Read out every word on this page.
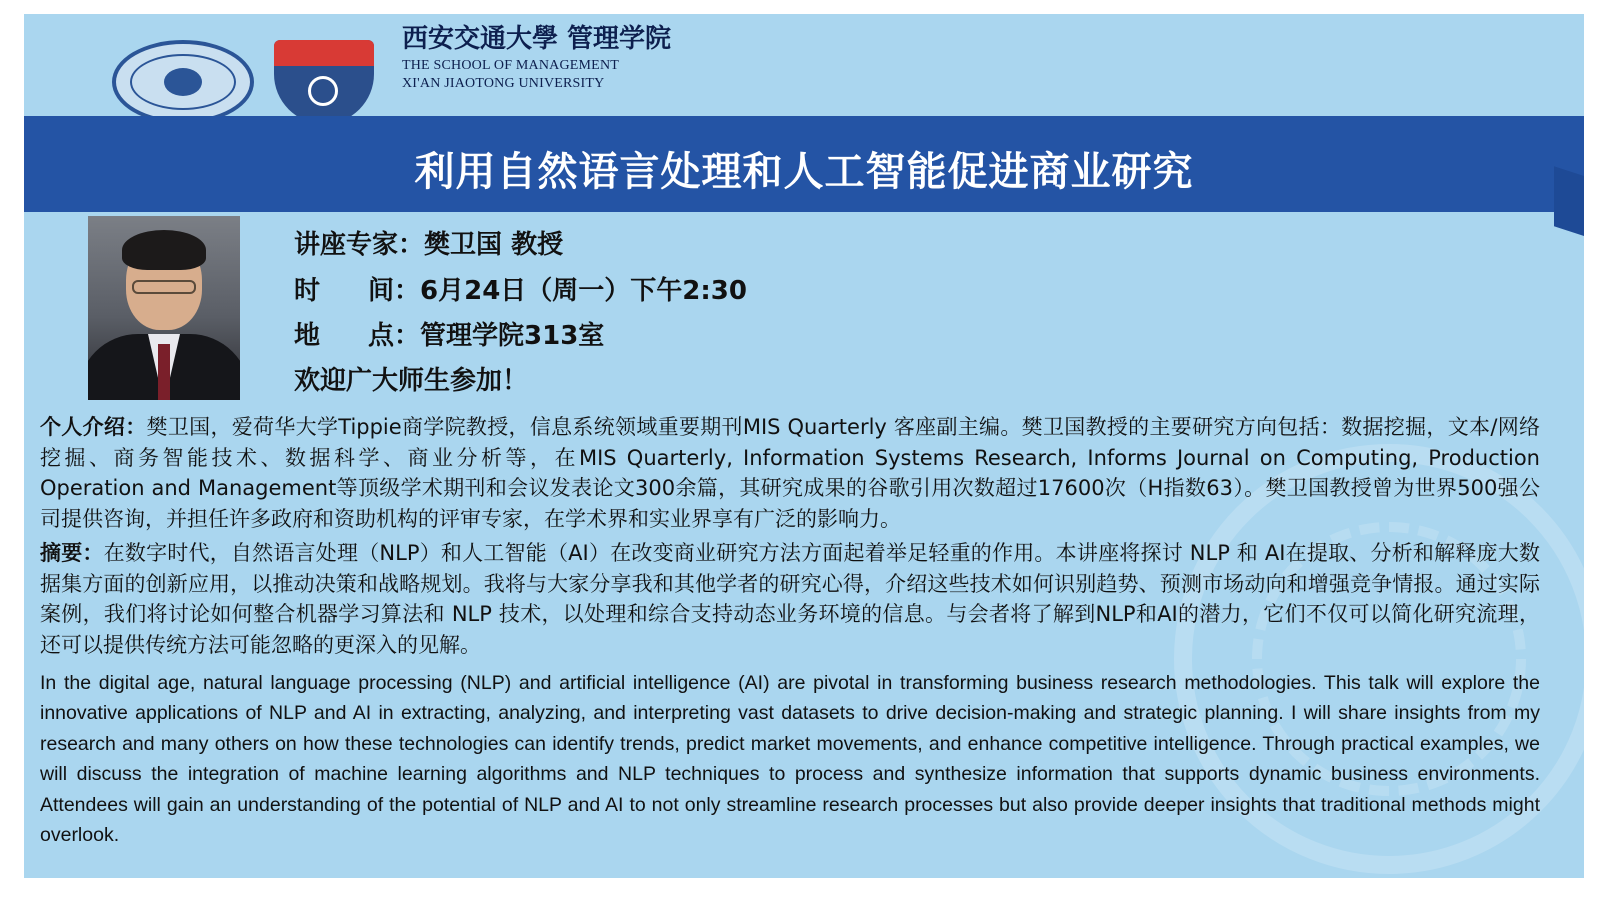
西安交通大學 管理学院
THE SCHOOL OF MANAGEMENT
XI'AN JIAOTONG UNIVERSITY
利用自然语言处理和人工智能促进商业研究
讲座专家：樊卫国 教授
时间：6月24日（周一）下午2:30
地点：管理学院313室
欢迎广大师生参加！
个人介绍：樊卫国，爱荷华大学Tippie商学院教授，信息系统领域重要期刊MIS Quarterly 客座副主编。樊卫国教授的主要研究方向包括：数据挖掘，文本/网络挖掘、商务智能技术、数据科学、商业分析等，在MIS Quarterly, Information Systems Research, Informs Journal on Computing, Production Operation and Management等顶级学术期刊和会议发表论文300余篇，其研究成果的谷歌引用次数超过17600次（H指数63）。樊卫国教授曾为世界500强公司提供咨询，并担任许多政府和资助机构的评审专家，在学术界和实业界享有广泛的影响力。
摘要：在数字时代，自然语言处理（NLP）和人工智能（AI）在改变商业研究方法方面起着举足轻重的作用。本讲座将探讨 NLP 和 AI在提取、分析和解释庞大数据集方面的创新应用，以推动决策和战略规划。我将与大家分享我和其他学者的研究心得，介绍这些技术如何识别趋势、预测市场动向和增强竞争情报。通过实际案例，我们将讨论如何整合机器学习算法和 NLP 技术，以处理和综合支持动态业务环境的信息。与会者将了解到NLP和AI的潜力，它们不仅可以简化研究流理，还可以提供传统方法可能忽略的更深入的见解。
In the digital age, natural language processing (NLP) and artificial intelligence (AI) are pivotal in transforming business research methodologies. This talk will explore the innovative applications of NLP and AI in extracting, analyzing, and interpreting vast datasets to drive decision-making and strategic planning. I will share insights from my research and many others on how these technologies can identify trends, predict market movements, and enhance competitive intelligence. Through practical examples, we will discuss the integration of machine learning algorithms and NLP techniques to process and synthesize information that supports dynamic business environments. Attendees will gain an understanding of the potential of NLP and AI to not only streamline research processes but also provide deeper insights that traditional methods might overlook.
